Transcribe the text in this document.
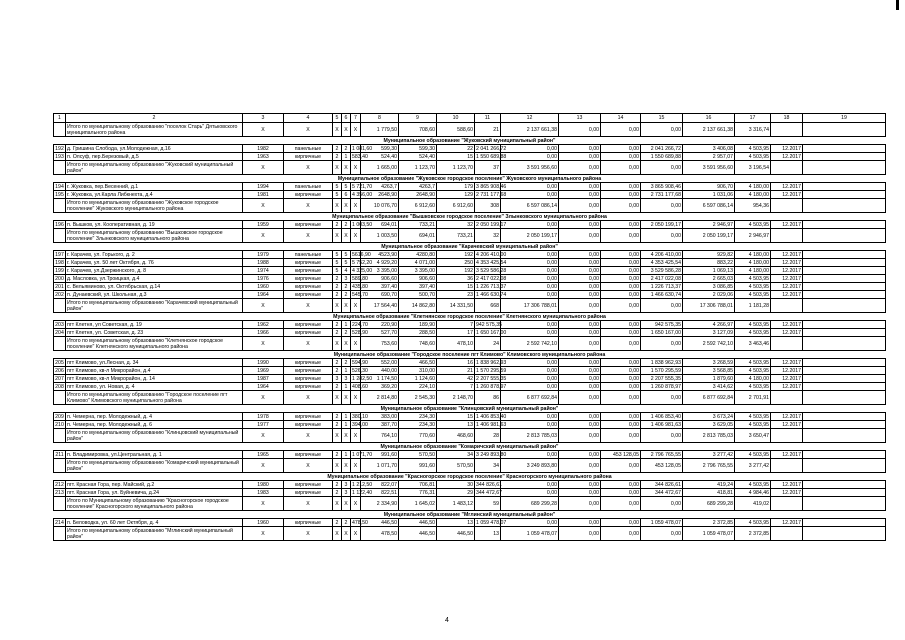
1	2	3	4	5	6	7	8	9	10	11	12	13	14	15	16	17	18	19
	Итого по муниципальному образованию "поселок Старь" Дятьковского муниципального района	X	X	X	X	X	1 779,50	708,60	588,60	21	2 137 661,38	0,00	0,00	0,00	2 137 661,38	3 316,74		
Муниципальное образование "Жуковский муниципальный район"																		
192	д. Гришина Слобода, ул.Молодежная, д.16	1982	панельные	2	2	1 081,60	599,30	599,30	22	2 041 266,72	0,00	0,00	0,00	2 041 266,72	3 406,08	4 503,95	12.2017	
193	п. Олсуф, пер.Березовый, д.5	1963	кирпичные	2	1	583,40	524,40	524,40	15	1 550 689,88	0,00	0,00	0,00	1 550 689,88	2 957,07	4 503,95	12.2017	
	Итого по муниципальному образованию "Жуковский муниципальный район"	X	X	X	X	X	1 665,00	1 123,70	1 123,70	37	3 591 956,60	0,00	0,00	0,00	3 591 956,60	3 196,54		
Муниципальное образование "Жуковское городское поселение" Жуковского муниципального района																		
194	г. Жуковка, пер.Весенний, д.1	1994	панельные	5	5	5 721,70	4263,7	4263,7	179	3 865 908,46	0,00	0,00	0,00	3 865 908,46	906,70	4 180,00	12.2017	
195	г. Жуковка, ул.Карла Либкнехта, д.4	1981	кирпичные	5	6	4 356,00	2648,90	2648,90	129	2 731 177,68	0,00	0,00	0,00	2 731 177,68	1 031,06	4 180,00	12.2017	
	Итого по муниципальному образованию "Жуковское городское поселение" Жуковского муниципального района	X	X	X	X	X	10 076,70	6 912,60	6 912,60	308	6 597 086,14	0,00	0,00	0,00	6 597 086,14	954,36		
Муниципальное образование "Вышковское городское поселение" Злынковского муниципального района																		
196	п. Вышков, ул. Кооперативная, д. 19	1959	кирпичные	2	2	1 003,50	694,01	733,21	32	2 050 199,17	0,00	0,00	0,00	2 050 199,17	2 946,97	4 503,95	12.2017	
	Итого по муниципальному образованию "Вышковское городское поселение" Злынковского муниципального района	X	X	X	X	X	1 003,50	694,01	733,21	32	2 050 199,17	0,00	0,00	0,00	2 050 199,17	2 946,97		
Муниципальное образование "Карачевский муниципальный район"																		
197	г. Карачев, ул. Горького, д. 2	1979	панельные	5	5	5616,90	4523,90	4280,80	192	4 206 410,00	0,00	0,00	0,00	4 206 410,00	929,82	4 180,00	12.2017	
198	г. Карачев, ул. 50 лет Октября, д. 76	1988	кирпичные	5	5	5 752,20	4 929,20	4 071,00	250	4 353 425,54	0,00	0,00	0,00	4 353 425,54	883,22	4 180,00	12.2017	
199	г. Карачев, ул.Дзержинского, д. 8	1974	кирпичные	5	4	4 325,00	3 395,00	3 395,00	192	3 529 586,28	0,00	0,00	0,00	3 529 586,28	1 069,13	4 180,00	12.2017	
200	д. Масловка, ул.Троицкая, д.4	1976	кирпичные	2	3	589,80	906,60	906,60	36	2 417 022,08	0,00	0,00	0,00	2 417 022,08	2 665,03	4 503,95	12.2017	
201	с. Вельяминово, ул. Октябрьская, д.14	1960	кирпичные	2	2	435,80	397,40	397,40	15	1 226 713,37	0,00	0,00	0,00	1 226 713,37	3 086,85	4 503,95	12.2017	
202	п. Дунаевский, ул. Школьная, д.3	1964	кирпичные	2	2	545,70	690,70	500,70	23	1 466 630,74	0,00	0,00	0,00	1 466 630,74	2 029,06	4 503,95	12.2017	
	Итого по муниципальному образованию "Карачевский муниципальный район"	X	X	X	X	X	17 564,40	14 862,80	14 331,50	668	17 306 788,01	0,00	0,00	0,00	17 306 788,01	1 181,28		
Муниципальное образование "Клетнянское городское поселение" Клетнянского муниципального района																		
203	пгт Клетня, ул Советская, д. 19	1962	кирпичные	2	1	224,70	220,90	189,90	7	942 575,35	0,00	0,00	0,00	942 575,35	4 266,97	4 503,95	12.2017	
204	пгт Клетня, ул. Советская, д. 23	1966	кирпичные	2	2	528,90	527,70	288,50	17	1 650 167,00	0,00	0,00	0,00	1 650 167,00	3 127,09	4 503,95	12.2017	
	Итого по муниципальному образованию "Клетнянское городское поселение" Клетнянского муниципального района	X	X	X	X	X	753,60	748,60	478,10	24	2 592 742,10	0,00	0,00	0,00	2 592 742,10	3 463,46		
Муниципальное образование "Городское поселение пгт Климово" Климовского муниципального района																		
205	пгт Климово, ул.Лесная, д. 34	1990	кирпичные	2	2	594,90	552,00	466,50	16	1 838 962,93	0,00	0,00	0,00	1 838 962,93	3 268,59	4 503,95	12.2017	
206	пгт Климово, кв-л Микрорайон, д.4	1969	кирпичные	2	1	526,30	440,00	310,00	21	1 570 295,59	0,00	0,00	0,00	1 570 295,59	3 568,85	4 503,95	12.2017	
207	пгт Климово, кв-л Микрорайон, д. 14	1987	кирпичные	3	3	1 282,50	1 174,50	1 124,60	42	2 207 555,35	0,00	0,00	0,00	2 207 555,35	1 879,60	4 180,00	12.2017	
208	пгт Климово, ул. Новая, д. 4	1964	кирпичные	2	1	408,60	369,20	224,10	7	1 260 878,97	0,00	0,00	0,00	1 260 878,97	3 414,62	4 503,95	12.2017	
	Итого по муниципальному образованию "Городское поселение пгт Климово" Климовского муниципального района	X	X	X	X	X	2 814,80	2 545,30	2 148,70	86	6 877 692,84	0,00	0,00	0,00	6 877 692,84	2 701,91		
Муниципальное образование "Клинцовский муниципальный район"																		
209	п. Чемерна, пер. Молодежный, д. 4	1978	кирпичные	2	1	380,10	383,00	234,30	15	1 406 853,40	0,00	0,00	0,00	1 406 853,40	3 673,24	4 503,95	12.2017	
210	п. Чемерна, пер. Молодежный, д. 6	1977	кирпичные	2	1	394,00	387,70	234,30	13	1 406 981,63	0,00	0,00	0,00	1 406 981,63	3 629,05	4 503,95	12.2017	
	Итого по муниципальному образованию "Клинцовский муниципальный район"	X	X	X	X	X	764,10	770,60	468,60	28	2 813 785,03	0,00	0,00	0,00	2 813 785,03	3 650,47		
Муниципальное образование "Комаричский муниципальный район"																		
211	п. Владимировка, ул.Центральная, д. 1	1965	кирпичные	2	1	1 071,70	991,60	570,50	34	3 249 893,80	0,00	0,00	453 128,05	2 796 765,55	3 277,42	4 503,95	12.2017	
	Итого по муниципальному образованию "Комаричский муниципальный район"	X	X	X	X	X	1 071,70	991,60	570,50	34	3 249 893,80	0,00	0,00	453 128,05	2 796 765,55	3 277,42		
Муниципальное образование "Красногорское городское поселение" Красногорского муниципального района																		
212	пгт. Красная Гора, пер. Майский, д.2	1980	кирпичные	2	3	1 212,50	822,07	706,81	30	344 826,61	0,00	0,00	0,00	344 826,61	419,24	4 503,95	12.2017	
213	пгт. Красная Гора, ул. Буйневича, д.24	1983	кирпичные	2	3	1 122,40	822,51	776,31	29	344 472,67	0,00	0,00	0,00	344 472,67	418,81	4 984,46	12.2017	
	Итого по Муниципальному образованию "Красногорское городское поселение" Красногорского муниципального района	X	X	X	X	X	2 334,90	1 645,02	1 483,12	59	689 299,28	0,00	0,00	0,00	689 299,28	419,02		
Муниципальное образование "Мглинский муниципальный район"																		
214	п. Беловодка, ул. 60 лет Октября, д. 4	1960	кирпичные	2	2	478,50	446,50	446,50	13	1 059 478,07	0,00	0,00	0,00	1 059 478,07	2 372,85	4 503,95	12.2017	
	Итого по муниципальному образованию "Мглинский муниципальный район"	X	X	X	X	X	478,50	446,50	446,50	13	1 059 478,07	0,00	0,00	0,00	1 059 478,07	2 372,85		
4
